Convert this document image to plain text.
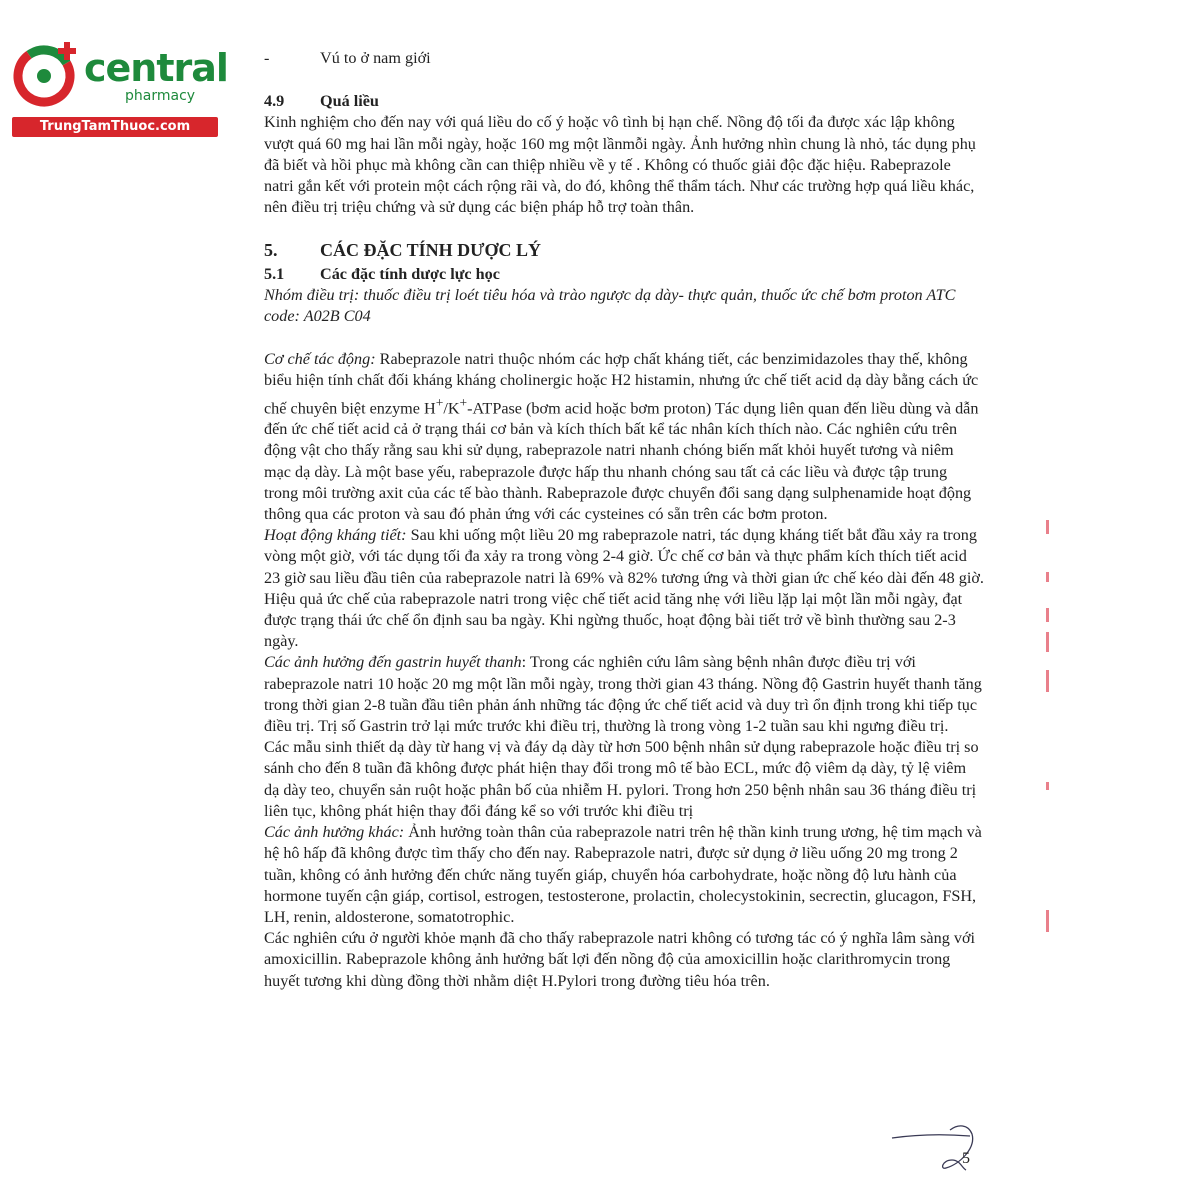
central
pharmacy
TrungTamThuoc.com

-	Vú to ở nam giới

4.9	Quá liều

Kinh nghiệm cho đến nay với quá liều do cố ý hoặc vô tình bị hạn chế. Nồng độ tối đa được xác lập không vượt quá 60 mg hai lần mỗi ngày, hoặc 160 mg một lầnmỗi ngày. Ảnh hưởng nhìn chung là nhỏ, tác dụng phụ đã biết và hồi phục mà không cần can thiệp nhiều về y tế . Không có thuốc giải độc đặc hiệu. Rabeprazole natri gắn kết với protein một cách rộng rãi và, do đó, không thể thẩm tách. Như các trường hợp quá liều khác, nên điều trị triệu chứng và sử dụng các biện pháp hỗ trợ toàn thân.

5.	CÁC ĐẶC TÍNH DƯỢC LÝ
5.1	Các đặc tính dược lực học

Nhóm điều trị: thuốc điều trị loét tiêu hóa và trào ngược dạ dày- thực quản, thuốc ức chế bơm proton ATC code: A02B C04

Cơ chế tác động: Rabeprazole natri thuộc nhóm các hợp chất kháng tiết, các benzimidazoles thay thế, không biểu hiện tính chất đối kháng kháng cholinergic hoặc H2 histamin, nhưng ức chế tiết acid dạ dày bằng cách ức chế chuyên biệt enzyme H+/K+-ATPase (bơm acid hoặc bơm proton) Tác dụng liên quan đến liều dùng và dẫn đến ức chế tiết acid cả ở trạng thái cơ bản và kích thích bất kể tác nhân kích thích nào. Các nghiên cứu trên động vật cho thấy rằng sau khi sử dụng, rabeprazole natri nhanh chóng biến mất khỏi huyết tương và niêm mạc dạ dày. Là một base yếu, rabeprazole được hấp thu nhanh chóng sau tất cả các liều và được tập trung trong môi trường axit của các tế bào thành. Rabeprazole được chuyển đổi sang dạng sulphenamide hoạt động thông qua các proton và sau đó phản ứng với các cysteines có sẵn trên các bơm proton.

Hoạt động kháng tiết: Sau khi uống một liều 20 mg rabeprazole natri, tác dụng kháng tiết bắt đầu xảy ra trong vòng một giờ, với tác dụng tối đa xảy ra trong vòng 2-4 giờ. Ức chế cơ bản và thực phẩm kích thích tiết acid 23 giờ sau liều đầu tiên của rabeprazole natri là 69% và 82% tương ứng và thời gian ức chế kéo dài đến 48 giờ. Hiệu quả ức chế của rabeprazole natri trong việc chế tiết acid tăng nhẹ với liều lặp lại một lần mỗi ngày, đạt được trạng thái ức chế ổn định sau ba ngày. Khi ngừng thuốc, hoạt động bài tiết trở về bình thường sau 2-3 ngày.

Các ảnh hưởng đến gastrin huyết thanh: Trong các nghiên cứu lâm sàng bệnh nhân được điều trị với rabeprazole natri 10 hoặc 20 mg một lần mỗi ngày, trong thời gian 43 tháng. Nồng độ Gastrin huyết thanh tăng trong thời gian 2-8 tuần đầu tiên phản ánh những tác động ức chế tiết acid và duy trì ổn định trong khi tiếp tục điều trị. Trị số Gastrin trở lại mức trước khi điều trị, thường là trong vòng 1-2 tuần sau khi ngưng điều trị.

Các mẫu sinh thiết dạ dày từ hang vị và đáy dạ dày từ hơn 500 bệnh nhân sử dụng rabeprazole hoặc điều trị so sánh cho đến 8 tuần đã không được phát hiện thay đổi trong mô tế bào ECL, mức độ viêm dạ dày, tỷ lệ viêm dạ dày teo, chuyển sản ruột hoặc phân bố của nhiễm H. pylori. Trong hơn 250 bệnh nhân sau 36 tháng điều trị liên tục, không phát hiện thay đổi đáng kể so với trước khi điều trị

Các ảnh hưởng khác: Ảnh hưởng toàn thân của rabeprazole natri trên hệ thần kinh trung ương, hệ tim mạch và hệ hô hấp đã không được tìm thấy cho đến nay. Rabeprazole natri, được sử dụng ở liều uống 20 mg trong 2 tuần, không có ảnh hưởng đến chức năng tuyến giáp, chuyển hóa carbohydrate, hoặc nồng độ lưu hành của hormone tuyến cận giáp, cortisol, estrogen, testosterone, prolactin, cholecystokinin, secrectin, glucagon, FSH, LH, renin, aldosterone, somatotrophic.

Các nghiên cứu ở người khỏe mạnh đã cho thấy rabeprazole natri không có tương tác có ý nghĩa lâm sàng với amoxicillin. Rabeprazole không ảnh hưởng bất lợi đến nồng độ của amoxicillin hoặc clarithromycin trong huyết tương khi dùng đồng thời nhằm diệt H.Pylori trong đường tiêu hóa trên.

5
